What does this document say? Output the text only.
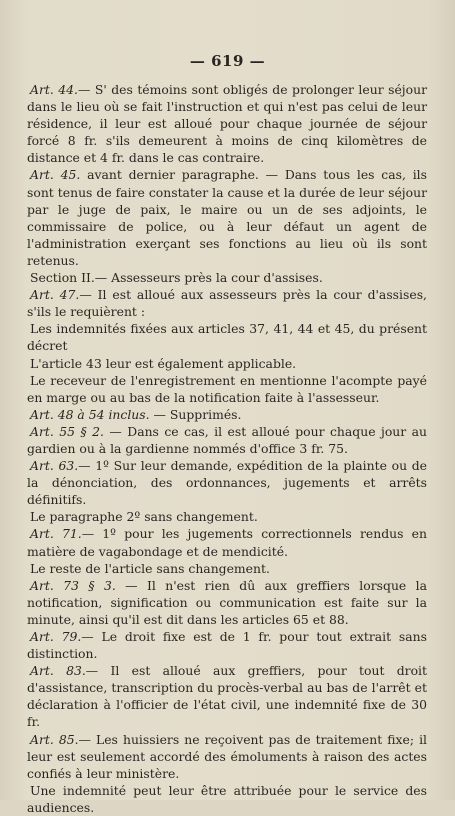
— 619 —

Art. 44.— S' des témoins sont obligés de prolonger leur séjour dans le lieu où se fait l'instruction et qui n'est pas celui de leur résidence, il leur est alloué pour chaque journée de séjour forcé 8 fr. s'ils demeurent à moins de cinq kilomètres de distance et 4 fr. dans le cas contraire.

Art. 45. avant dernier paragraphe. — Dans tous les cas, ils sont tenus de faire constater la cause et la durée de leur séjour par le juge de paix, le maire ou un de ses adjoints, le commissaire de police, ou à leur défaut un agent de l'administration exerçant ses fonctions au lieu où ils sont retenus.

Section II.— Assesseurs près la cour d'assises.

Art. 47.— Il est alloué aux assesseurs près la cour d'assises, s'ils le requièrent :

Les indemnités fixées aux articles 37, 41, 44 et 45, du présent décret

L'article 43 leur est également applicable.

Le receveur de l'enregistrement en mentionne l'acompte payé en marge ou au bas de la notification faite à l'assesseur.

Art. 48 à 54 inclus. — Supprimés.

Art. 55 § 2. — Dans ce cas, il est alloué pour chaque jour au gardien ou à la gardienne nommés d'office 3 fr. 75.

Art. 63.— 1º Sur leur demande, expédition de la plainte ou de la dénonciation, des ordonnances, jugements et arrêts définitifs.

Le paragraphe 2º sans changement.

Art. 71.— 1º pour les jugements correctionnels rendus en matière de vagabondage et de mendicité.

Le reste de l'article sans changement.

Art. 73 § 3. — Il n'est rien dû aux greffiers lorsque la notification, signification ou communication est faite sur la minute, ainsi qu'il est dit dans les articles 65 et 88.

Art. 79.— Le droit fixe est de 1 fr. pour tout extrait sans distinction.

Art. 83.— Il est alloué aux greffiers, pour tout droit d'assistance, transcription du procès-verbal au bas de l'arrêt et déclaration à l'officier de l'état civil, une indemnité fixe de 30 fr.

Art. 85.— Les huissiers ne reçoivent pas de traitement fixe; il leur est seulement accordé des émoluments à raison des actes confiés à leur ministère.

Une indemnité peut leur être attribuée pour le service des audiences.
